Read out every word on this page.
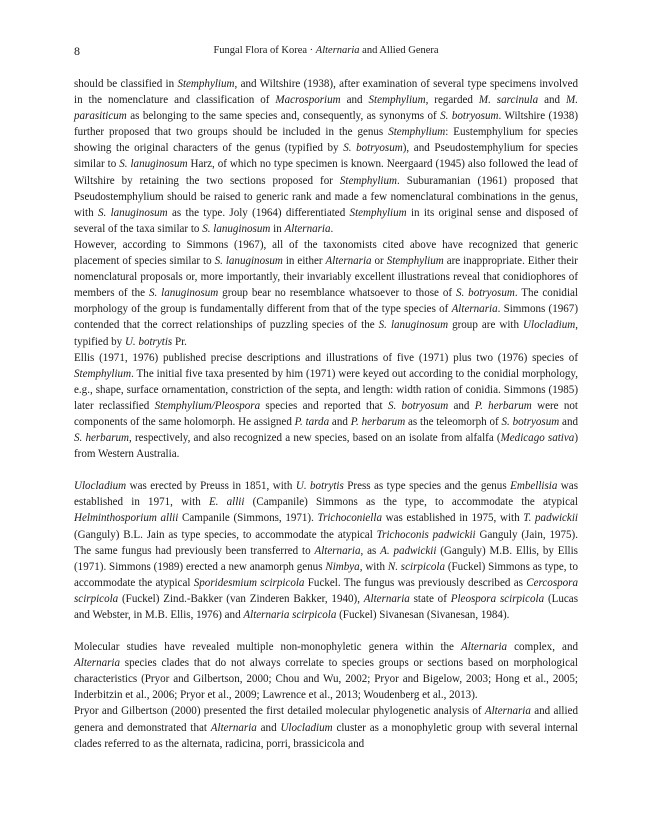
8	Fungal Flora of Korea · Alternaria and Allied Genera

should be classified in Stemphylium, and Wiltshire (1938), after examination of several type specimens involved in the nomenclature and classification of Macrosporium and Stemphylium, regarded M. sarcinula and M. parasiticum as belonging to the same species and, consequently, as synonyms of S. botryosum. Wiltshire (1938) further proposed that two groups should be included in the genus Stemphylium: Eustemphylium for species showing the original characters of the genus (typified by S. botryosum), and Pseudostemphylium for species similar to S. lanuginosum Harz, of which no type specimen is known. Neergaard (1945) also followed the lead of Wiltshire by retaining the two sections proposed for Stemphylium. Suburamanian (1961) proposed that Pseudostemphylium should be raised to generic rank and made a few nomenclatural combinations in the genus, with S. lanuginosum as the type. Joly (1964) differentiated Stemphylium in its original sense and disposed of several of the taxa similar to S. lanuginosum in Alternaria.

However, according to Simmons (1967), all of the taxonomists cited above have recognized that generic placement of species similar to S. lanuginosum in either Alternaria or Stemphylium are inappropriate. Either their nomenclatural proposals or, more importantly, their invariably excellent illustrations reveal that conidiophores of members of the S. lanuginosum group bear no resemblance whatsoever to those of S. botryosum. The conidial morphology of the group is fundamentally different from that of the type species of Alternaria. Simmons (1967) contended that the correct relationships of puzzling species of the S. lanuginosum group are with Ulocladium, typified by U. botrytis Pr.

Ellis (1971, 1976) published precise descriptions and illustrations of five (1971) plus two (1976) species of Stemphylium. The initial five taxa presented by him (1971) were keyed out according to the conidial morphology, e.g., shape, surface ornamentation, constriction of the septa, and length: width ration of conidia. Simmons (1985) later reclassified Stemphylium/Pleospora species and reported that S. botryosum and P. herbarum were not components of the same holomorph. He assigned P. tarda and P. herbarum as the teleomorph of S. botryosum and S. herbarum, respectively, and also recognized a new species, based on an isolate from alfalfa (Medicago sativa) from Western Australia.

Ulocladium was erected by Preuss in 1851, with U. botrytis Press as type species and the genus Embellisia was established in 1971, with E. allii (Campanile) Simmons as the type, to accommodate the atypical Helminthosporium allii Campanile (Simmons, 1971). Trichoconiella was established in 1975, with T. padwickii (Ganguly) B.L. Jain as type species, to accommodate the atypical Trichoconis padwickii Ganguly (Jain, 1975). The same fungus had previously been transferred to Alternaria, as A. padwickii (Ganguly) M.B. Ellis, by Ellis (1971). Simmons (1989) erected a new anamorph genus Nimbya, with N. scirpicola (Fuckel) Simmons as type, to accommodate the atypical Sporidesmium scirpicola Fuckel. The fungus was previously described as Cercospora scirpicola (Fuckel) Zind.-Bakker (van Zinderen Bakker, 1940), Alternaria state of Pleospora scirpicola (Lucas and Webster, in M.B. Ellis, 1976) and Alternaria scirpicola (Fuckel) Sivanesan (Sivanesan, 1984).

Molecular studies have revealed multiple non-monophyletic genera within the Alternaria complex, and Alternaria species clades that do not always correlate to species groups or sections based on morphological characteristics (Pryor and Gilbertson, 2000; Chou and Wu, 2002; Pryor and Bigelow, 2003; Hong et al., 2005; Inderbitzin et al., 2006; Pryor et al., 2009; Lawrence et al., 2013; Woudenberg et al., 2013).

Pryor and Gilbertson (2000) presented the first detailed molecular phylogenetic analysis of Alternaria and allied genera and demonstrated that Alternaria and Ulocladium cluster as a monophyletic group with several internal clades referred to as the alternata, radicina, porri, brassicicola and
